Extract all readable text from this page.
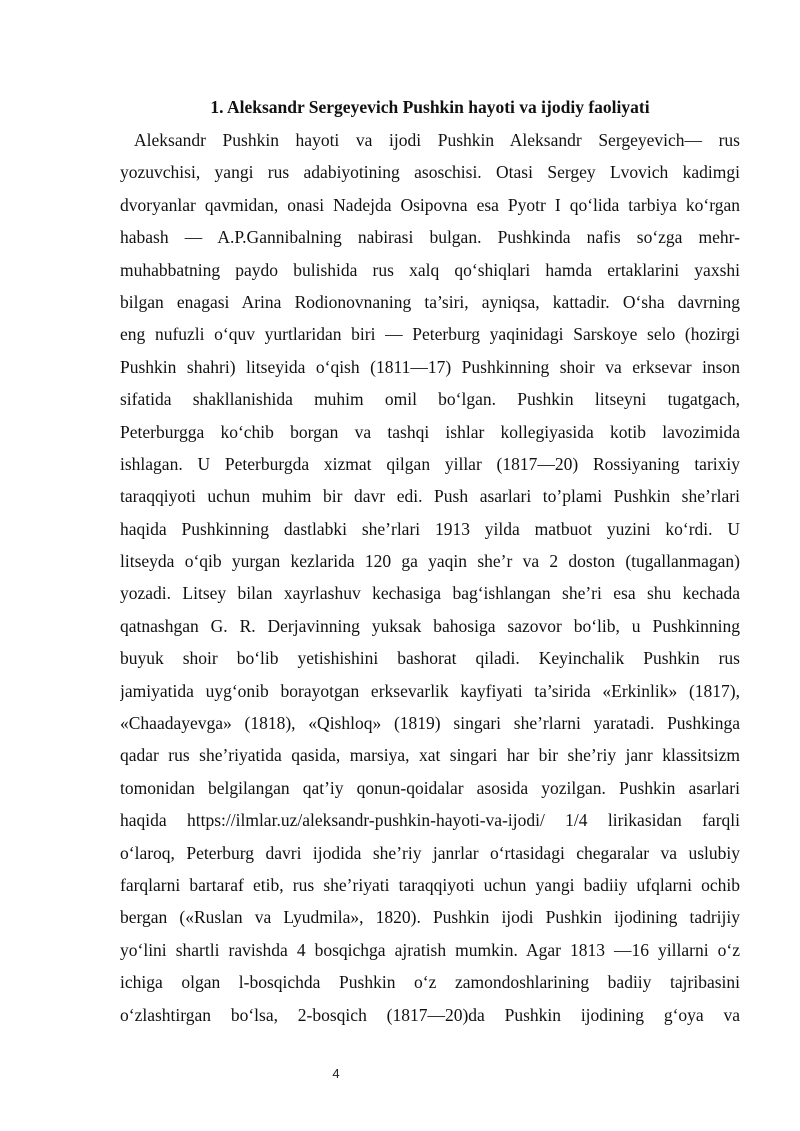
1. Aleksandr Sergeyevich Pushkin hayoti va ijodiy faoliyati
Aleksandr Pushkin hayoti va ijodi Pushkin Aleksandr Sergeyevich— rus
yozuvchisi, yangi rus adabiyotining asoschisi. Otasi Sergey Lvovich kadimgi
dvoryanlar qavmidan, onasi Nadejda Osipovna esa Pyotr I qo‘lida tarbiya ko‘rgan
habash — A.P.Gannibalning nabirasi bulgan. Pushkinda nafis so‘zga mehr-
muhabbatning paydo bulishida rus xalq qo‘shiqlari hamda ertaklarini yaxshi
bilgan enagasi Arina Rodionovnaning ta’siri, ayniqsa, kattadir. O‘sha davrning
eng nufuzli o‘quv yurtlaridan biri — Peterburg yaqinidagi Sarskoye selo (hozirgi
Pushkin shahri) litseyida o‘qish (1811—17) Pushkinning shoir va erksevar inson
sifatida shakllanishida muhim omil bo‘lgan. Pushkin litseyni tugatgach,
Peterburgga ko‘chib borgan va tashqi ishlar kollegiyasida kotib lavozimida
ishlagan. U Peterburgda xizmat qilgan yillar (1817—20) Rossiyaning tarixiy
taraqqiyoti uchun muhim bir davr edi. Push asarlari to’plami Pushkin she’rlari
haqida Pushkinning dastlabki she’rlari 1913 yilda matbuot yuzini ko‘rdi. U
litseyda o‘qib yurgan kezlarida 120 ga yaqin she’r va 2 doston (tugallanmagan)
yozadi. Litsey bilan xayrlashuv kechasiga bag‘ishlangan she’ri esa shu kechada
qatnashgan G. R. Derjavinning yuksak bahosiga sazovor bo‘lib, u Pushkinning
buyuk shoir bo‘lib yetishishini bashorat qiladi. Keyinchalik Pushkin rus
jamiyatida uyg‘onib borayotgan erksevarlik kayfiyati ta’sirida «Erkinlik» (1817),
«Chaadayevga» (1818), «Qishloq» (1819) singari she’rlarni yaratadi. Pushkinga
qadar rus she’riyatida qasida, marsiya, xat singari har bir she’riy janr klassitsizm
tomonidan belgilangan qat’iy qonun-qoidalar asosida yozilgan. Pushkin asarlari
haqida https://ilmlar.uz/aleksandr-pushkin-hayoti-va-ijodi/ 1/4 lirikasidan farqli
o‘laroq, Peterburg davri ijodida she’riy janrlar o‘rtasidagi chegaralar va uslubiy
farqlarni bartaraf etib, rus she’riyati taraqqiyoti uchun yangi badiiy ufqlarni ochib
bergan («Ruslan va Lyudmila», 1820). Pushkin ijodi Pushkin ijodining tadrijiy
yo‘lini shartli ravishda 4 bosqichga ajratish mumkin. Agar 1813 —16 yillarni o‘z
ichiga olgan l-bosqichda Pushkin o‘z zamondoshlarining badiiy tajribasini
o‘zlashtirgan bo‘lsa, 2-bosqich (1817—20)da Pushkin ijodining g‘oya va
4
